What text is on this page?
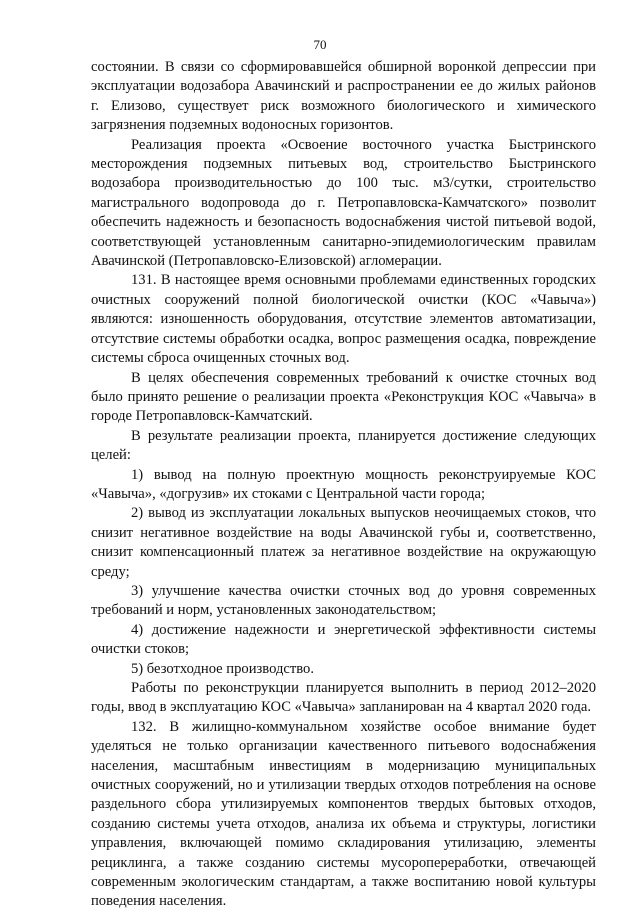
70

состоянии. В связи со сформировавшейся обширной воронкой депрессии при эксплуатации водозабора Авачинский и распространении ее до жилых районов г. Елизово, существует риск возможного биологического и химического загрязнения подземных водоносных горизонтов.

Реализация проекта «Освоение восточного участка Быстринского месторождения подземных питьевых вод, строительство Быстринского водозабора производительностью до 100 тыс. м3/сутки, строительство магистрального водопровода до г. Петропавловска-Камчатского» позволит обеспечить надежность и безопасность водоснабжения чистой питьевой водой, соответствующей установленным санитарно-эпидемиологическим правилам Авачинской (Петропавловско-Елизовской) агломерации.

131. В настоящее время основными проблемами единственных городских очистных сооружений полной биологической очистки (КОС «Чавыча») являются: изношенность оборудования, отсутствие элементов автоматизации, отсутствие системы обработки осадка, вопрос размещения осадка, повреждение системы сброса очищенных сточных вод.

В целях обеспечения современных требований к очистке сточных вод было принято решение о реализации проекта «Реконструкция КОС «Чавыча» в городе Петропавловск-Камчатский.

В результате реализации проекта, планируется достижение следующих целей:

1) вывод на полную проектную мощность реконструируемые КОС «Чавыча», «догрузив» их стоками с Центральной части города;

2) вывод из эксплуатации локальных выпусков неочищаемых стоков, что снизит негативное воздействие на воды Авачинской губы и, соответственно, снизит компенсационный платеж за негативное воздействие на окружающую среду;

3) улучшение качества очистки сточных вод до уровня современных требований и норм, установленных законодательством;

4) достижение надежности и энергетической эффективности системы очистки стоков;

5) безотходное производство.

Работы по реконструкции планируется выполнить в период 2012–2020 годы, ввод в эксплуатацию КОС «Чавыча» запланирован на 4 квартал 2020 года.

132. В жилищно-коммунальном хозяйстве особое внимание будет уделяться не только организации качественного питьевого водоснабжения населения, масштабным инвестициям в модернизацию муниципальных очистных сооружений, но и утилизации твердых отходов потребления на основе раздельного сбора утилизируемых компонентов твердых бытовых отходов, созданию системы учета отходов, анализа их объема и структуры, логистики управления, включающей помимо складирования утилизацию, элементы рециклинга, а также созданию системы мусоропереработки, отвечающей современным экологическим стандартам, а также воспитанию новой культуры поведения населения.
